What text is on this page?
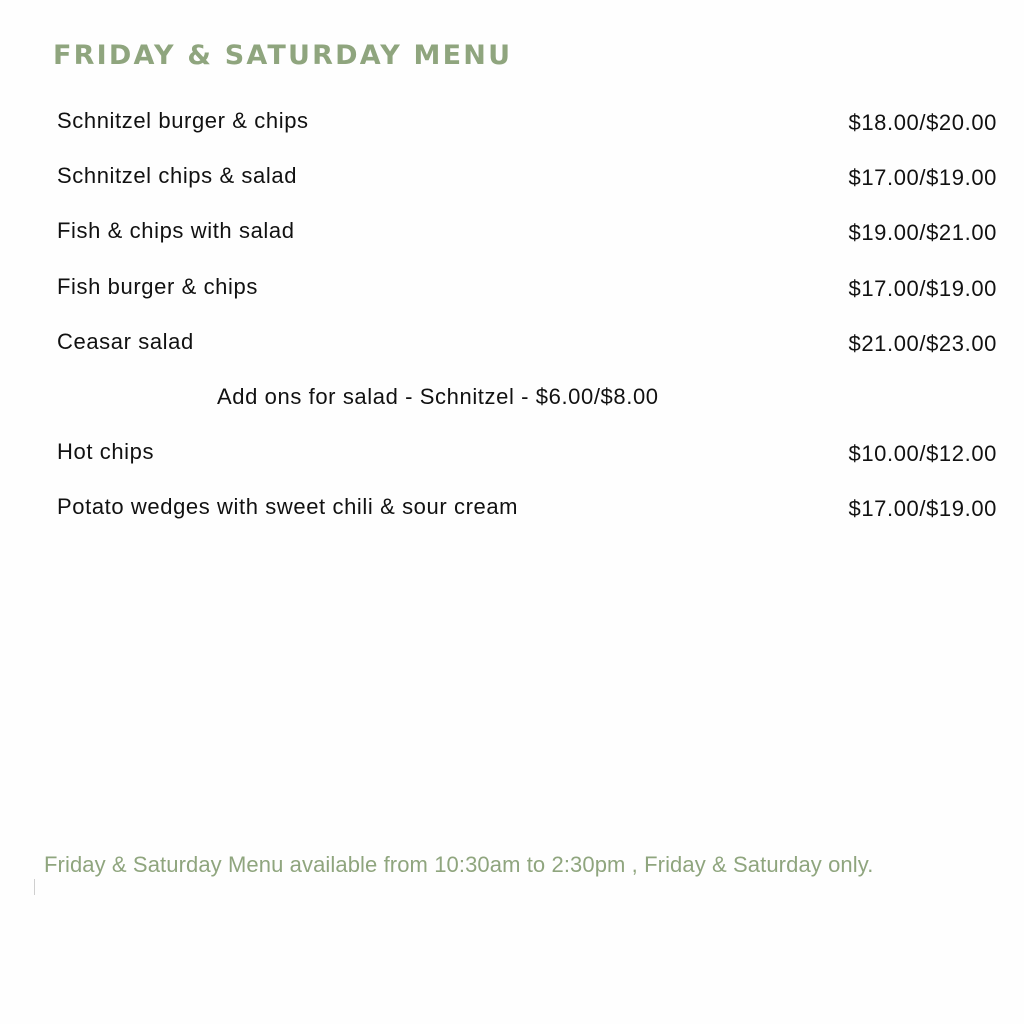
FRIDAY & SATURDAY MENU
Schnitzel burger & chips	$18.00/$20.00
Schnitzel chips & salad	$17.00/$19.00
Fish & chips with salad	$19.00/$21.00
Fish burger & chips	$17.00/$19.00
Ceasar salad	$21.00/$23.00
Add ons for salad - Schnitzel - $6.00/$8.00
Hot chips	$10.00/$12.00
Potato wedges with sweet chili & sour cream	$17.00/$19.00
Friday & Saturday Menu available from 10:30am to 2:30pm , Friday & Saturday only.
